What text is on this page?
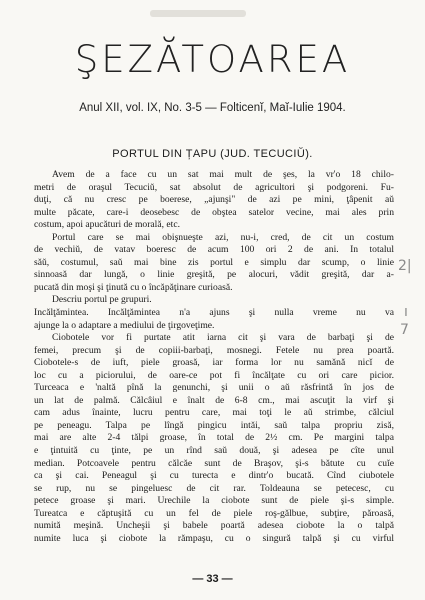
ŞEZĂTOAREA
Anul XII, vol. IX, No. 3-5 — Folticenĭ, Maĭ-Iulie 1904.
PORTUL DIN ȚAPU (JUD. TECUCIŬ).
Avem de a face cu un sat mai mult de şes, la vr'o 18 chilo-
metri de oraşul Tecuciŭ, sat absolut de agricultori şi podgoreni. Fu-
duţi, că nu cresc pe boerese, „ajunşi" de azi pe mini, ţâpenit aŭ
multe păcate, care-i deosebesc de obştea satelor vecine, mai ales prin
costum, apoi apucături de morală, etc.
Portul care se mai obişnueşte azi, nu-i, cred, de cit un costum
de vechiŭ, de vatav boeresc de acum 100 ori 2 de ani. In totalul
săŭ, costumul, saŭ mai bine zis portul e simplu dar scump, o linie
sinnoasă dar lungă, o linie greşită, pe alocuri, vădit greşită, dar a-
pucată din moşi şi ţinută cu o încăpăţinare curioasă.
Descriu portul pe grupuri.
Incălţămintea. Incălţămintea n'a ajuns şi nulla vreme nu va
ajunge la o adaptare a mediului de ţirgoveţime.
Ciobotele vor fi purtate atit iarna cit şi vara de barbaţi şi de
femei, precum şi de copiii-barbaţi, mosnegi. Fetele nu prea poartă.
Ciobotele-s de iuft, piele groasă, iar forma lor nu samănă nicĭ de
loc cu a piciorului, de oare-ce pot fi încălţate cu ori care picior.
Turceaca e 'naltă pînă la genunchi, şi unii o aŭ răsfrintă în jos de
un lat de palmă. Călcâiul e înalt de 6-8 cm., mai ascuţit la virf şi
cam adus înainte, lucru pentru care, mai toţi le aŭ strimbe, călciul
pe peneagu. Talpa pe lîngă pingicu intăi, saŭ talpa propriu zisă,
mai are alte 2-4 tălpi groase, în total de 2½ cm. Pe margini talpa
e ţintuită cu ţinte, pe un rînd saŭ două, şi adesea pe cîte unul
median. Potcoavele pentru călcăe sunt de Braşov, şi-s bătute cu cuĭe
ca şi cai. Peneagul şi cu turecta e dintr'o bucată. Cînd ciubotele
se rup, nu se pingeluesc de cit rar. Toldeauna se petecesc, cu
petece groase şi mari. Urechile la ciobote sunt de piele şi-s simple.
Tureatca e căptuşită cu un fel de piele roş-gălbue, subţire, păroasă,
numită meşină. Uncheşii şi babele poartă adesea ciobote la o talpă
numite luca şi ciobote la rămpaşu, cu o singură talpă şi cu virful
2|
ı
7
— 33 —
